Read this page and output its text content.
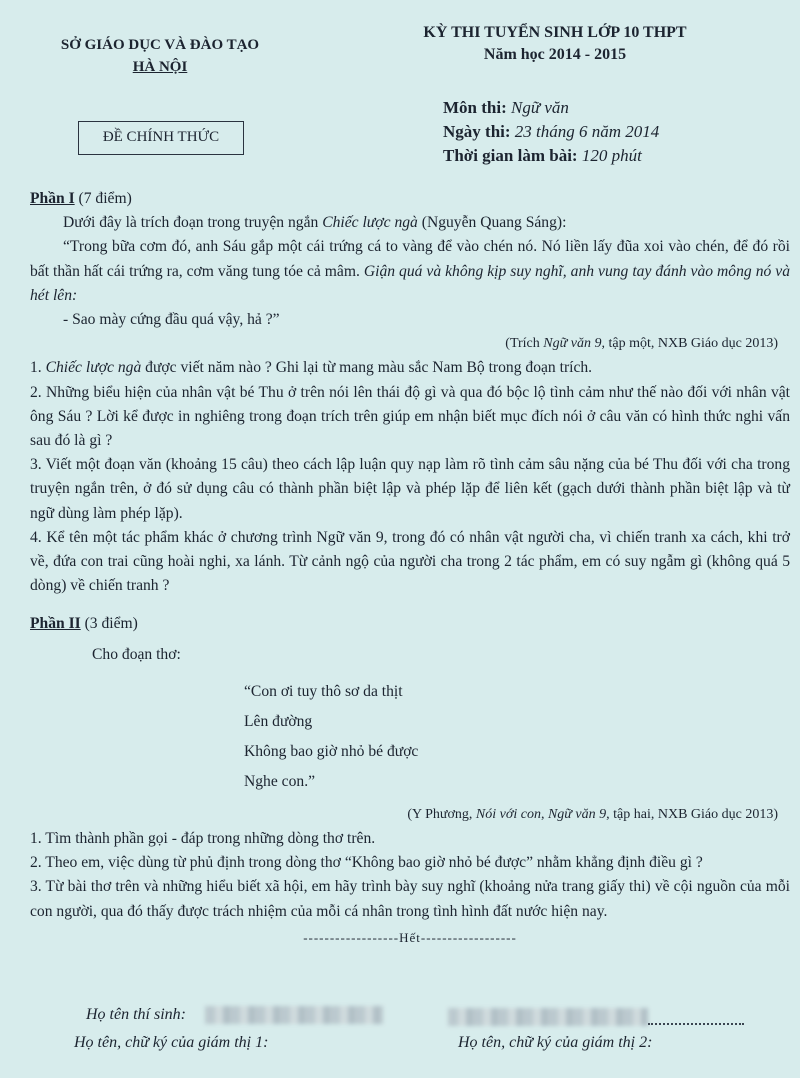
SỞ GIÁO DỤC VÀ ĐÀO TẠO
HÀ NỘI
KỲ THI TUYỂN SINH LỚP 10 THPT
Năm học 2014 - 2015
ĐỀ CHÍNH THỨC
Môn thi: Ngữ văn
Ngày thi: 23 tháng 6 năm 2014
Thời gian làm bài: 120 phút

Phần I (7 điểm)

Dưới đây là trích đoạn trong truyện ngắn Chiếc lược ngà (Nguyễn Quang Sáng):

“Trong bữa cơm đó, anh Sáu gắp một cái trứng cá to vàng để vào chén nó. Nó liền lấy đũa xoi vào chén, để đó rồi bất thần hất cái trứng ra, cơm văng tung tóe cả mâm. Giận quá và không kịp suy nghĩ, anh vung tay đánh vào mông nó và hét lên:

- Sao mày cứng đầu quá vậy, hả ?”

(Trích Ngữ văn 9, tập một, NXB Giáo dục 2013)

1. Chiếc lược ngà được viết năm nào ? Ghi lại từ mang màu sắc Nam Bộ trong đoạn trích.

2. Những biểu hiện của nhân vật bé Thu ở trên nói lên thái độ gì và qua đó bộc lộ tình cảm như thế nào đối với nhân vật ông Sáu ? Lời kể được in nghiêng trong đoạn trích trên giúp em nhận biết mục đích nói ở câu văn có hình thức nghi vấn sau đó là gì ?

3. Viết một đoạn văn (khoảng 15 câu) theo cách lập luận quy nạp làm rõ tình cảm sâu nặng của bé Thu đối với cha trong truyện ngắn trên, ở đó sử dụng câu có thành phần biệt lập và phép lặp để liên kết (gạch dưới thành phần biệt lập và từ ngữ dùng làm phép lặp).

4. Kể tên một tác phẩm khác ở chương trình Ngữ văn 9, trong đó có nhân vật người cha, vì chiến tranh xa cách, khi trở về, đứa con trai cũng hoài nghi, xa lánh. Từ cảnh ngộ của người cha trong 2 tác phẩm, em có suy ngẫm gì (không quá 5 dòng) về chiến tranh ?

Phần II (3 điểm)

Cho đoạn thơ:

“Con ơi tuy thô sơ da thịt
Lên đường
Không bao giờ nhỏ bé được
Nghe con.”

(Y Phương, Nói với con, Ngữ văn 9, tập hai, NXB Giáo dục 2013)

1. Tìm thành phần gọi - đáp trong những dòng thơ trên.

2. Theo em, việc dùng từ phủ định trong dòng thơ “Không bao giờ nhỏ bé được” nhằm khẳng định điều gì ?

3. Từ bài thơ trên và những hiểu biết xã hội, em hãy trình bày suy nghĩ (khoảng nửa trang giấy thi) về cội nguồn của mỗi con người, qua đó thấy được trách nhiệm của mỗi cá nhân trong tình hình đất nước hiện nay.

------------------Hết------------------

Họ tên thí sinh:
Họ tên, chữ ký của giám thị 1:	Họ tên, chữ ký của giám thị 2:
